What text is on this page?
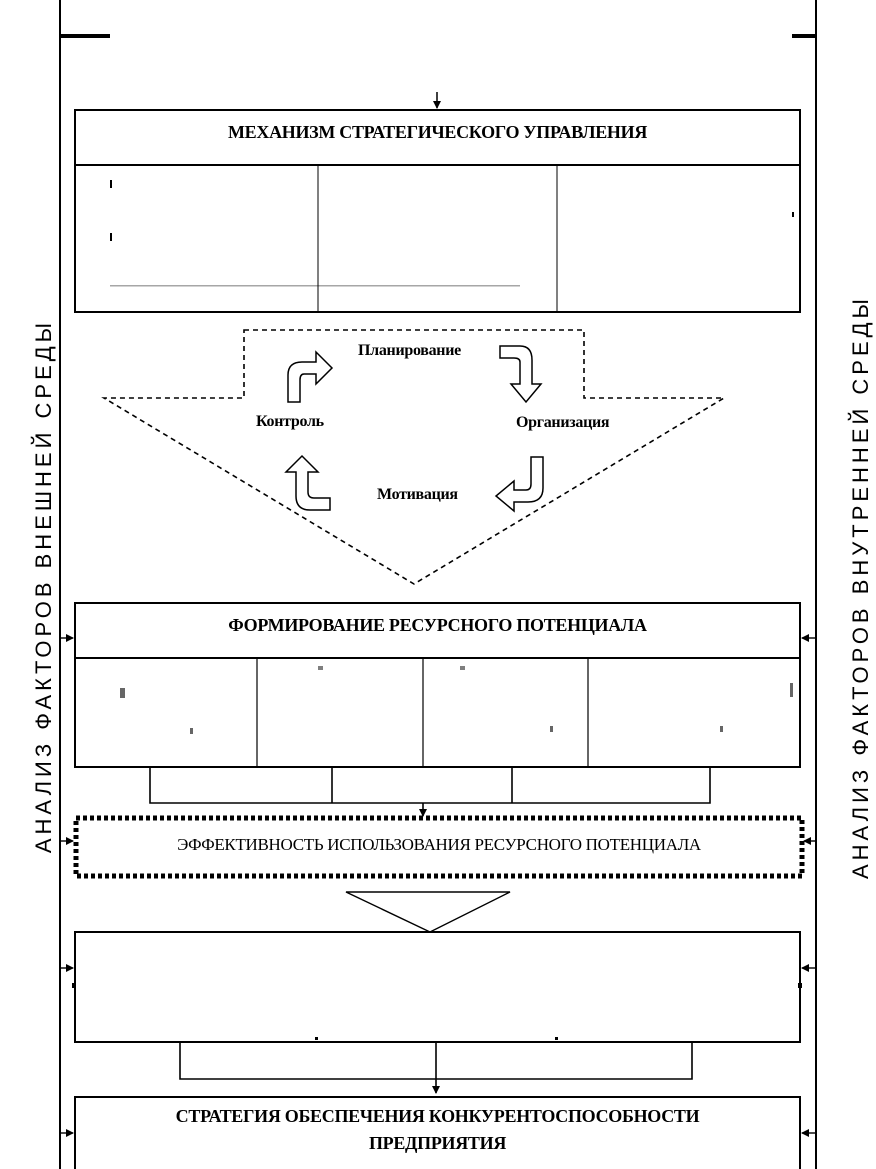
АНАЛИЗ ФАКТОРОВ ВНЕШНЕЙ СРЕДЫ	АНАЛИЗ ФАКТОРОВ ВНУТРЕННЕЙ СРЕДЫ
МЕХАНИЗМ СТРАТЕГИЧЕСКОГО УПРАВЛЕНИЯ
Планирование
Организация
Контроль
Мотивация
ФОРМИРОВАНИЕ РЕСУРСНОГО ПОТЕНЦИАЛА
ЭФФЕКТИВНОСТЬ ИСПОЛЬЗОВАНИЯ РЕСУРСНОГО ПОТЕНЦИАЛА
СТРАТЕГИЯ ОБЕСПЕЧЕНИЯ КОНКУРЕНТОСПОСОБНОСТИ
ПРЕДПРИЯТИЯ
